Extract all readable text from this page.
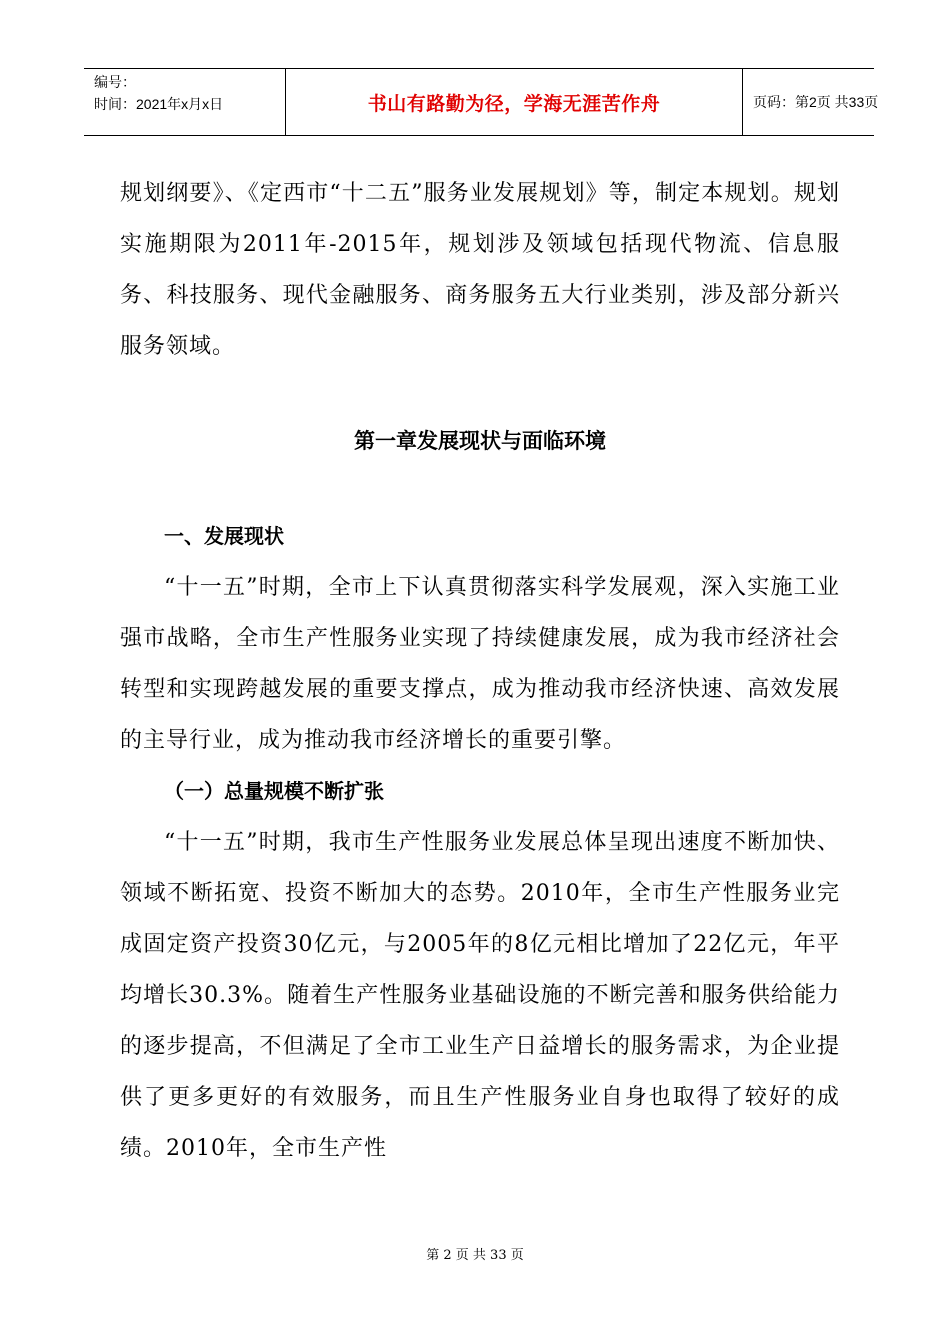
编号：
时间：2021年x月x日	书山有路勤为径，学海无涯苦作舟	页码：第2页 共33页
规划纲要》、《定西市“十二五”服务业发展规划》等，制定本规划。规划实施期限为2011年-2015年，规划涉及领域包括现代物流、信息服务、科技服务、现代金融服务、商务服务五大行业类别，涉及部分新兴服务领域。
第一章发展现状与面临环境
一、发展现状
“十一五”时期，全市上下认真贯彻落实科学发展观，深入实施工业强市战略，全市生产性服务业实现了持续健康发展，成为我市经济社会转型和实现跨越发展的重要支撑点，成为推动我市经济快速、高效发展的主导行业，成为推动我市经济增长的重要引擎。
（一）总量规模不断扩张
“十一五”时期，我市生产性服务业发展总体呈现出速度不断加快、领域不断拓宽、投资不断加大的态势。2010年，全市生产性服务业完成固定资产投资30亿元，与2005年的8亿元相比增加了22亿元，年平均增长30.3%。随着生产性服务业基础设施的不断完善和服务供给能力的逐步提高，不但满足了全市工业生产日益增长的服务需求，为企业提供了更多更好的有效服务，而且生产性服务业自身也取得了较好的成绩。2010年，全市生产性
第 2 页 共 33 页
